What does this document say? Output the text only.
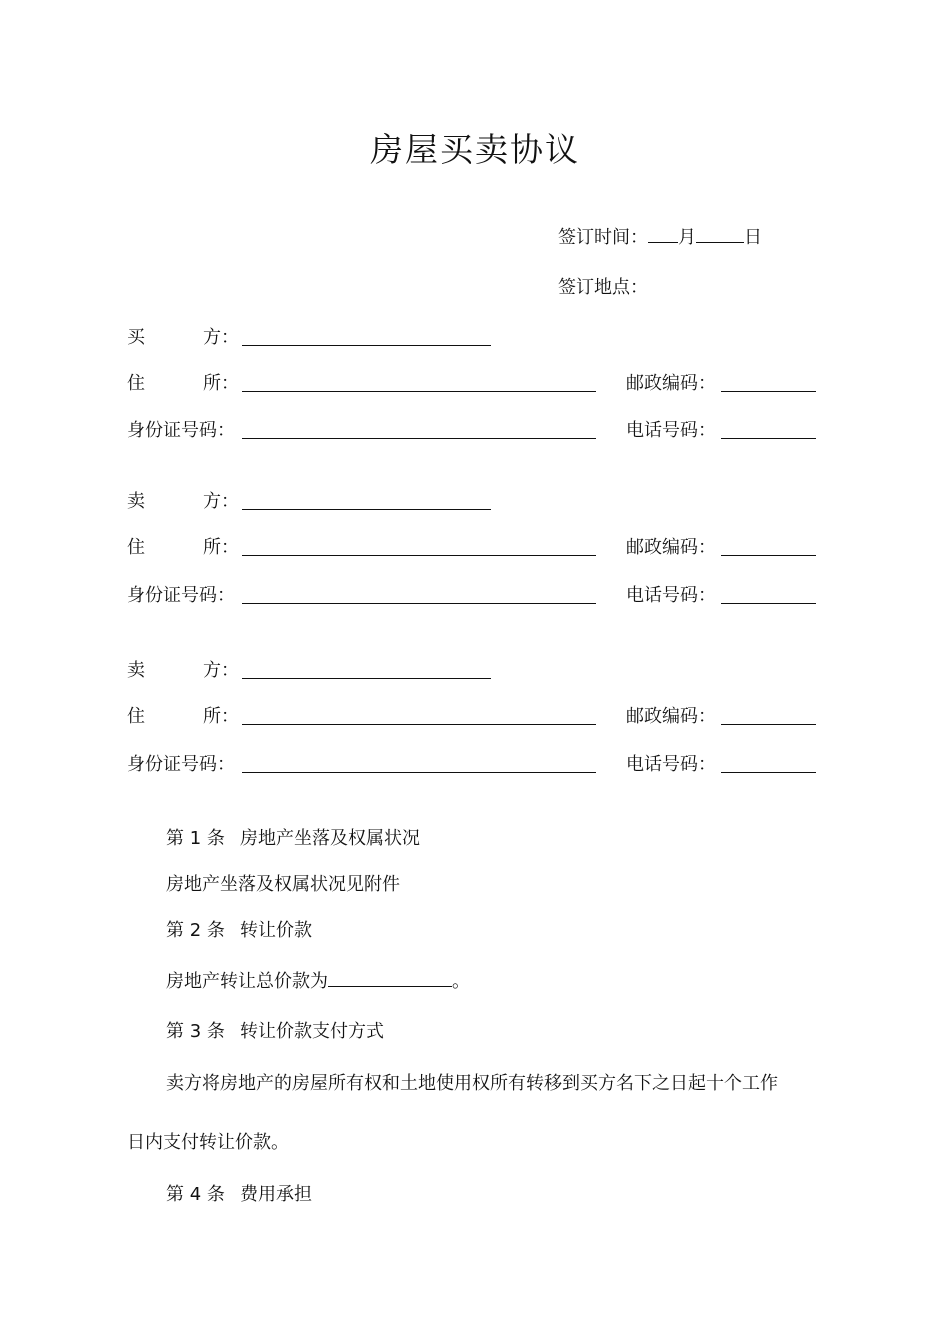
房屋买卖协议
签订时间： 月	日
签订地点：
买	方：
住	所：	邮政编码：
身份证号码：	电话号码：
卖	方：
住	所：	邮政编码：
身份证号码：	电话号码：
卖	方：
住	所：	邮政编码：
身份证号码：	电话号码：
第 1 条 房地产坐落及权属状况
房地产坐落及权属状况见附件
第 2 条 转让价款
房地产转让总价款为	。
第 3 条 转让价款支付方式
卖方将房地产的房屋所有权和土地使用权所有转移到买方名下之日起十个工作
日内支付转让价款。
第 4 条 费用承担
